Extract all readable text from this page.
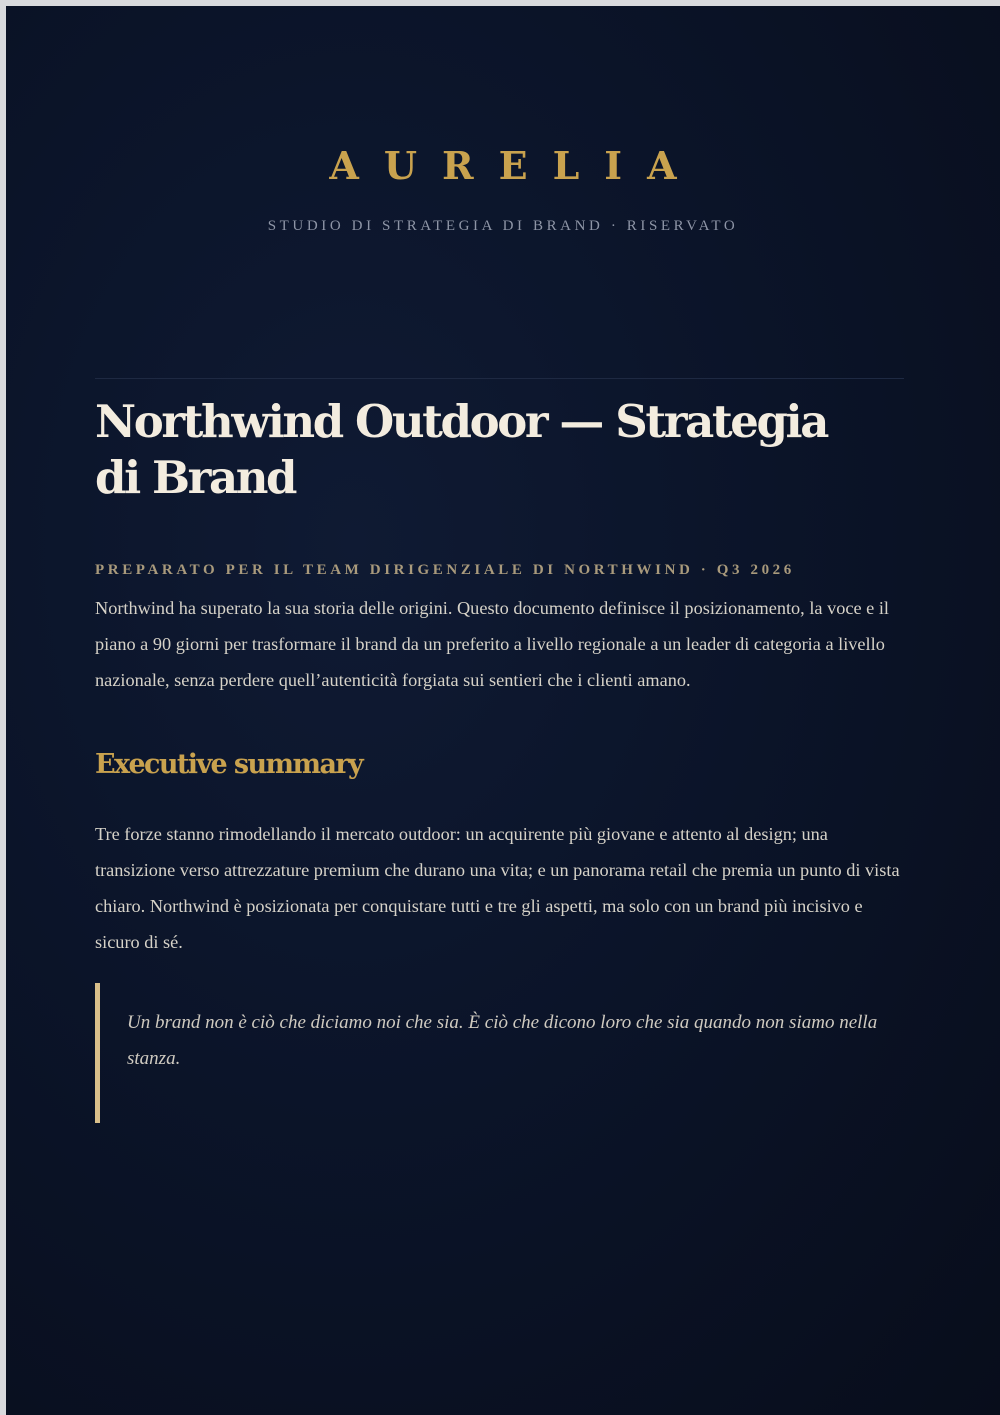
AURELIA
STUDIO DI STRATEGIA DI BRAND · RISERVATO
Northwind Outdoor — Strategia di Brand
PREPARATO PER IL TEAM DIRIGENZIALE DI NORTHWIND · Q3 2026

Northwind ha superato la sua storia delle origini. Questo documento definisce il posizionamento, la voce e il piano a 90 giorni per trasformare il brand da un preferito a livello regionale a un leader di categoria a livello nazionale, senza perdere quell’autenticità forgiata sui sentieri che i clienti amano.

Executive summary

Tre forze stanno rimodellando il mercato outdoor: un acquirente più giovane e attento al design; una transizione verso attrezzature premium che durano una vita; e un panorama retail che premia un punto di vista chiaro. Northwind è posizionata per conquistare tutti e tre gli aspetti, ma solo con un brand più incisivo e sicuro di sé.

Un brand non è ciò che diciamo noi che sia. È ciò che dicono loro che sia quando non siamo nella stanza.
